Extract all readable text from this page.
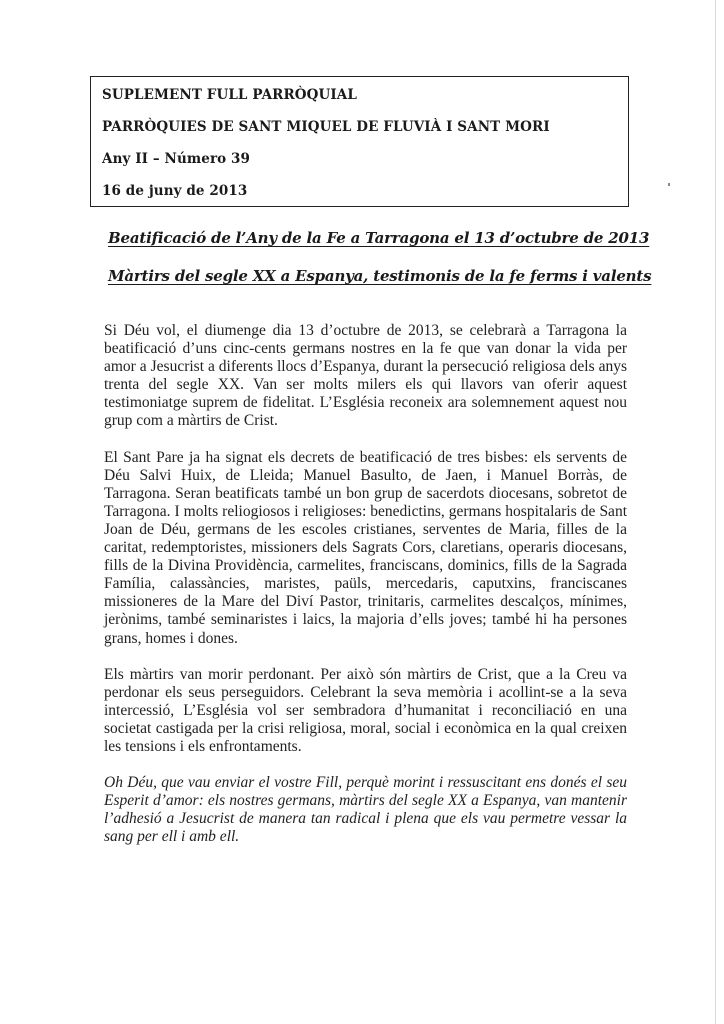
SUPLEMENT FULL PARRÒQUIAL
PARRÒQUIES DE SANT MIQUEL DE FLUVIÀ I SANT MORI
Any II – Número 39
16 de juny de 2013
Beatificació de l’Any de la Fe a Tarragona el 13 d’octubre de 2013
Màrtirs del segle XX a Espanya, testimonis de la fe ferms i valents

Si Déu vol, el diumenge dia 13 d’octubre de 2013, se celebrarà a Tarragona la beatificació d’uns cinc-cents germans nostres en la fe que van donar la vida per amor a Jesucrist a diferents llocs d’Espanya, durant la persecució religiosa dels anys trenta del segle XX. Van ser molts milers els qui llavors van oferir aquest testimoniatge suprem de fidelitat. L’Església reconeix ara solemnement aquest nou grup com a màrtirs de Crist.

El Sant Pare ja ha signat els decrets de beatificació de tres bisbes: els servents de Déu Salvi Huix, de Lleida; Manuel Basulto, de Jaen, i Manuel Borràs, de Tarragona. Seran beatificats també un bon grup de sacerdots diocesans, sobretot de Tarragona. I molts reliogiosos i religioses: benedictins, germans hospitalaris de Sant Joan de Déu, germans de les escoles cristianes, serventes de Maria, filles de la caritat, redemptoristes, missioners dels Sagrats Cors, claretians, operaris diocesans, fills de la Divina Providència, carmelites, franciscans, dominics, fills de la Sagrada Família, calassàncies, maristes, paüls, mercedaris, caputxins, franciscanes missioneres de la Mare del Diví Pastor, trinitaris, carmelites descalços, mínimes, jerònims, també seminaristes i laics, la majoria d’ells joves; també hi ha persones grans, homes i dones.

Els màrtirs van morir perdonant. Per això són màrtirs de Crist, que a la Creu va perdonar els seus perseguidors. Celebrant la seva memòria i acollint-se a la seva intercessió, L’Església vol ser sembradora d’humanitat i reconciliació en una societat castigada per la crisi religiosa, moral, social i econòmica en la qual creixen les tensions i els enfrontaments.

Oh Déu, que vau enviar el vostre Fill, perquè morint i ressuscitant ens donés el seu Esperit d’amor: els nostres germans, màrtirs del segle XX a Espanya, van mantenir l’adhesió a Jesucrist de manera tan radical i plena que els vau permetre vessar la sang per ell i amb ell.
